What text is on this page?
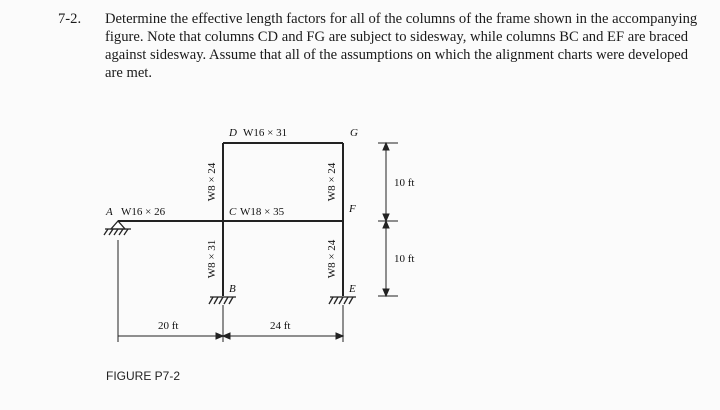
7-2. Determine the effective length factors for all of the columns of the frame shown in the accompanying figure. Note that columns CD and FG are subject to sidesway, while columns BC and EF are braced against sidesway. Assume that all of the assumptions on which the alignment charts were developed are met.
A
B
C
D
E
F
G
W16 × 31
W16 × 26	W18 × 35
W8 × 24
W8 × 31
W8 × 24
W8 × 24
20 ft	24 ft
10 ft
10 ft
FIGURE P7-2
